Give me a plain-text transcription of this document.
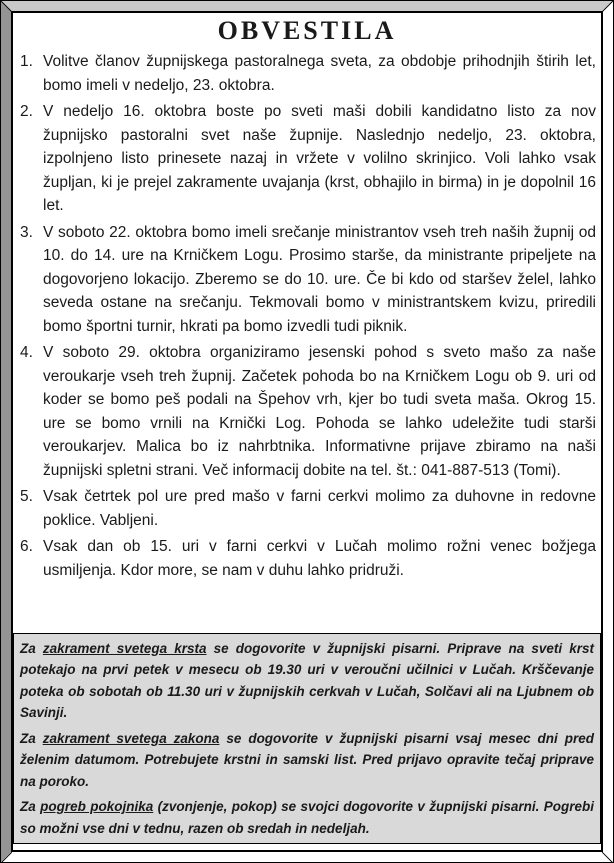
OBVESTILA
1. Volitve članov župnijskega pastoralnega sveta, za obdobje prihodnjih štirih let, bomo imeli v nedeljo, 23. oktobra.
2. V nedeljo 16. oktobra boste po sveti maši dobili kandidatno listo za nov župnijsko pastoralni svet naše župnije. Naslednjo nedeljo, 23. oktobra, izpolnjeno listo prinesete nazaj in vržete v volilno skrinjico. Voli lahko vsak župljan, ki je prejel zakramente uvajanja (krst, obhajilo in birma) in je dopolnil 16 let.
3. V soboto 22. oktobra bomo imeli srečanje ministrantov vseh treh naših župnij od 10. do 14. ure na Krničkem Logu. Prosimo starše, da ministrante pripeljete na dogovorjeno lokacijo. Zberemo se do 10. ure. Če bi kdo od staršev želel, lahko seveda ostane na srečanju. Tekmovali bomo v ministrantskem kvizu, priredili bomo športni turnir, hkrati pa bomo izvedli tudi piknik.
4. V soboto 29. oktobra organiziramo jesenski pohod s sveto mašo za naše veroukarje vseh treh župnij. Začetek pohoda bo na Krničkem Logu ob 9. uri od koder se bomo peš podali na Špehov vrh, kjer bo tudi sveta maša. Okrog 15. ure se bomo vrnili na Krnički Log. Pohoda se lahko udeležite tudi starši veroukarjev. Malica bo iz nahrbtnika. Informativne prijave zbiramo na naši župnijski spletni strani. Več informacij dobite na tel. št.: 041-887-513 (Tomi).
5. Vsak četrtek pol ure pred mašo v farni cerkvi molimo za duhovne in redovne poklice. Vabljeni.
6. Vsak dan ob 15. uri v farni cerkvi v Lučah molimo rožni venec božjega usmiljenja. Kdor more, se nam v duhu lahko pridruži.

Za zakrament svetega krsta se dogovorite v župnijski pisarni. Priprave na sveti krst potekajo na prvi petek v mesecu ob 19.30 uri v veroučni učilnici v Lučah. Krščevanje poteka ob sobotah ob 11.30 uri v župnijskih cerkvah v Lučah, Solčavi ali na Ljubnem ob Savinji.

Za zakrament svetega zakona se dogovorite v župnijski pisarni vsaj mesec dni pred želenim datumom. Potrebujete krstni in samski list. Pred prijavo opravite tečaj priprave na poroko.

Za pogreb pokojnika (zvonjenje, pokop) se svojci dogovorite v župnijski pisarni. Pogrebi so možni vse dni v tednu, razen ob sredah in nedeljah.
